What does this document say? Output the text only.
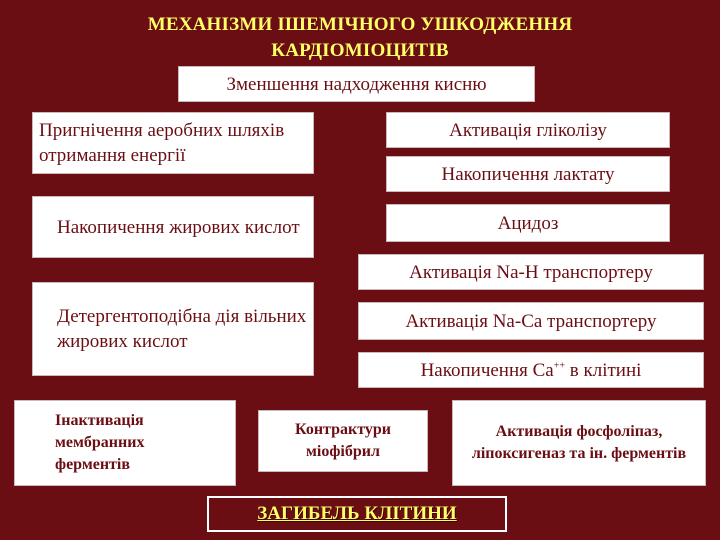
МЕХАНІЗМИ ІШЕМІЧНОГО УШКОДЖЕННЯ КАРДІОМІОЦИТІВ
Зменшення надходження кисню
Пригнічення аеробних шляхів отримання енергії
Накопичення жирових кислот
Детергентоподібна дія вільних жирових кислот
Активація гліколізу
Накопичення лактату
Ацидоз
Активація Na-H транспортеру
Активація Na-Ca транспортеру
Накопичення Ca++ в клітині
Інактивація мембранних ферментів
Контрактури міофібрил
Активація фосфоліпаз, ліпоксигеназ та ін. ферментів
ЗАГИБЕЛЬ КЛІТИНИ
